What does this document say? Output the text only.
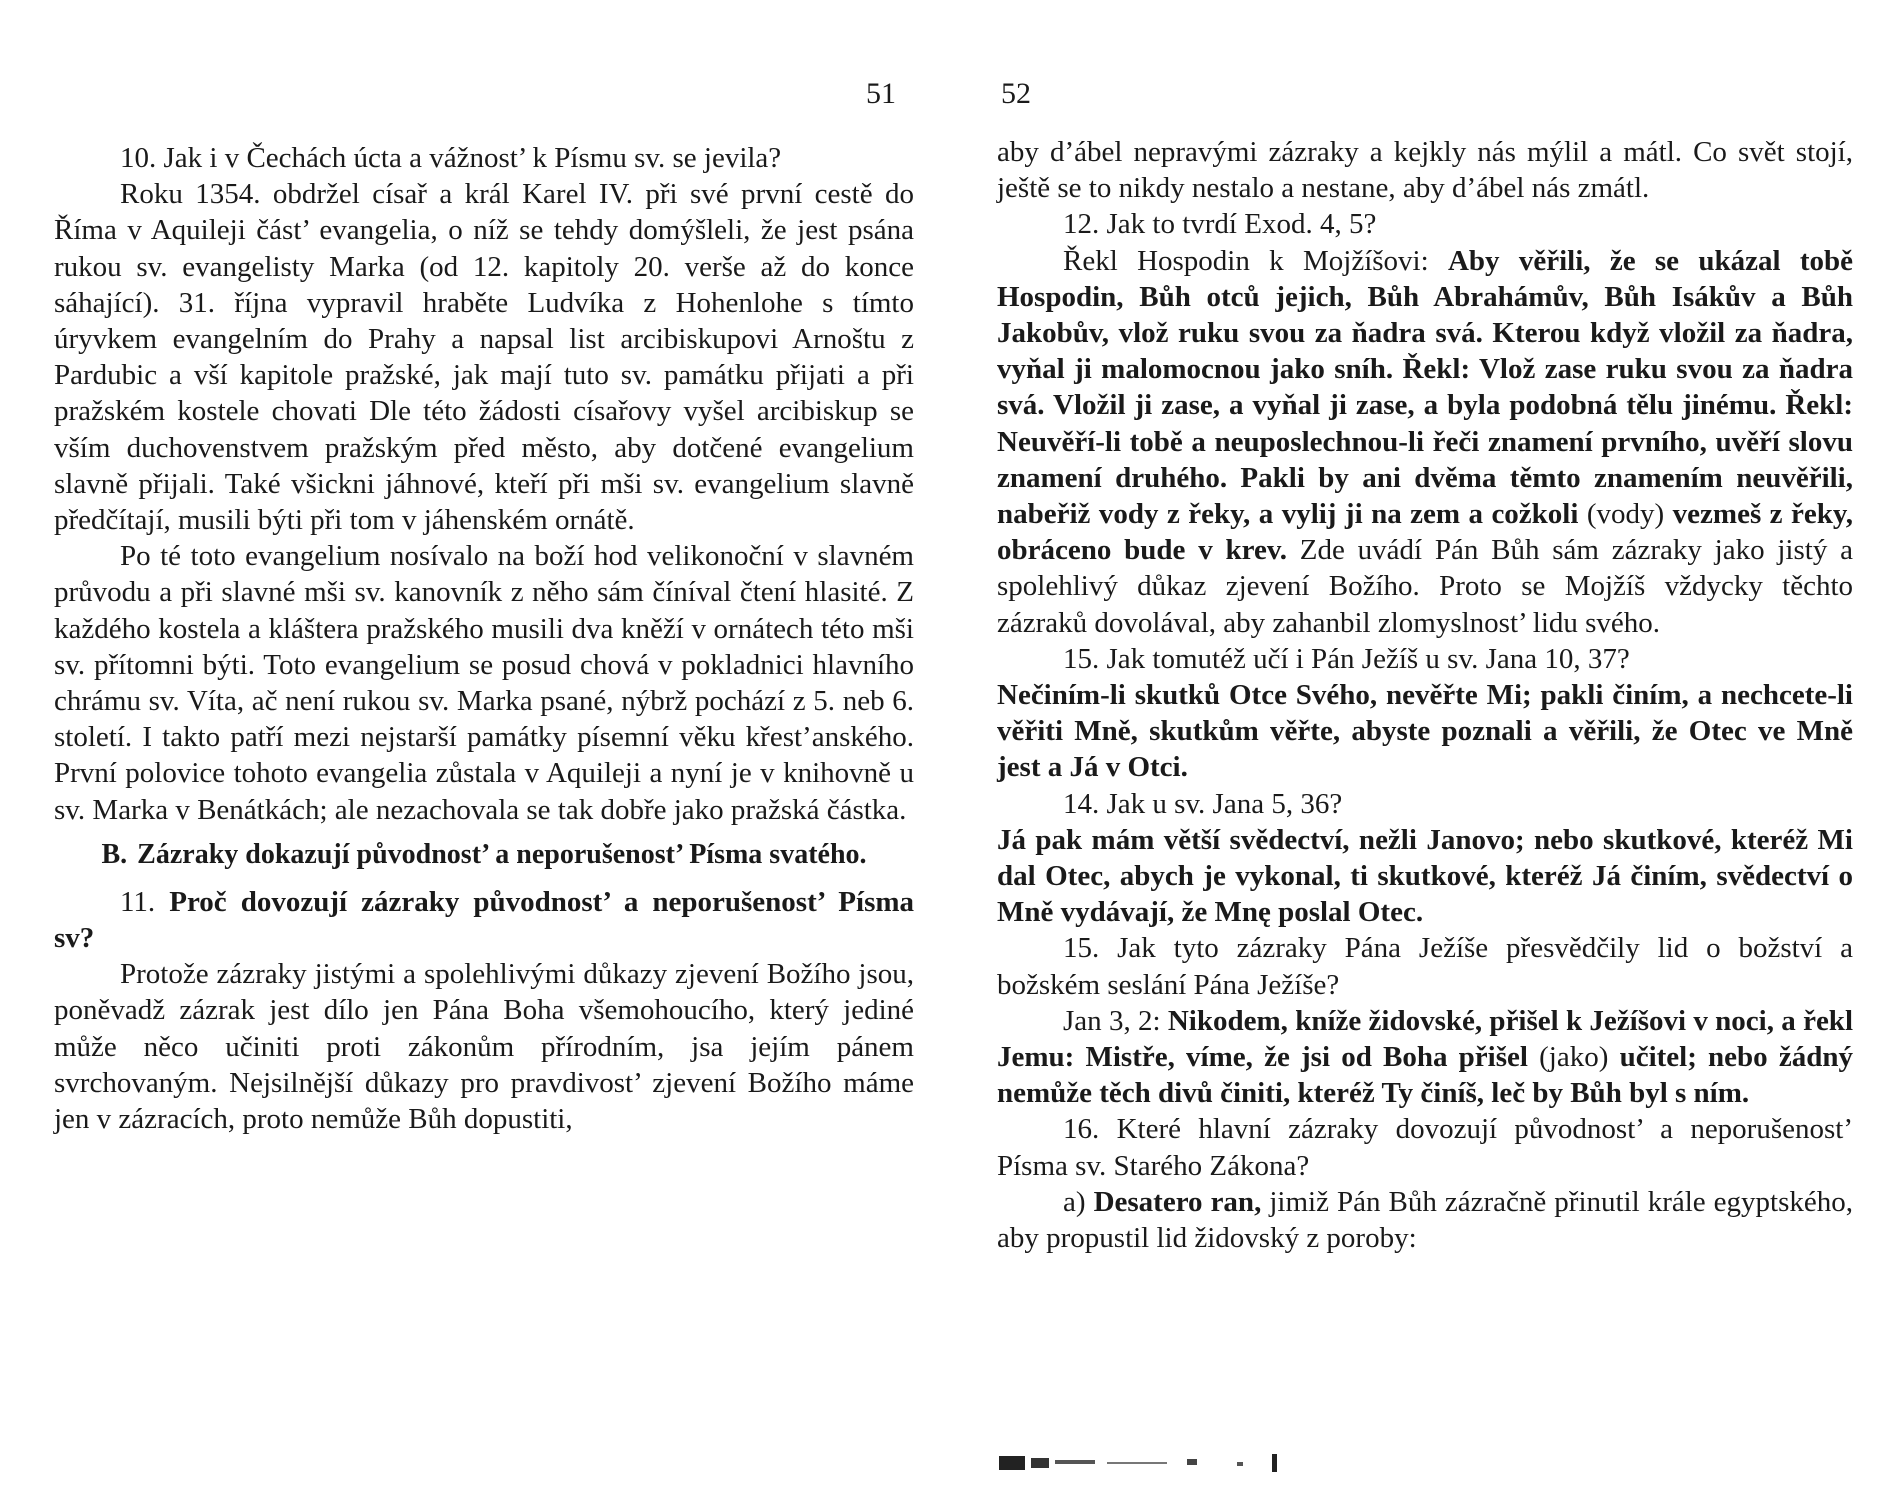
51

10. Jak i v Čechách úcta a vážnost’ k Písmu sv. se jevila?

Roku 1354. obdržel císař a král Karel IV. při své první cestě do Říma v Aquileji část’ evangelia, o níž se tehdy domýšleli, že jest psána rukou sv. evangelisty Marka (od 12. kapitoly 20. verše až do konce sáhající). 31. října vypravil hraběte Ludvíka z Hohenlohe s tímto úryvkem evangelním do Prahy a napsal list arcibiskupovi Arnoštu z Pardubic a vší kapitole pražské, jak mají tuto sv. památku přijati a při pražském kostele chovati Dle této žádosti císařovy vyšel arcibiskup se vším duchovenstvem pražským před město, aby dotčené evangelium slavně přijali. Také všickni jáhnové, kteří při mši sv. evangelium slavně předčítají, musili býti při tom v jáhenském ornátě.

Po té toto evangelium nosívalo na boží hod velikonoční v slavném průvodu a při slavné mši sv. kanovník z něho sám číníval čtení hlasité. Z každého kostela a kláštera pražského musili dva kněží v ornátech této mši sv. přítomni býti. Toto evangelium se posud chová v pokladnici hlavního chrámu sv. Víta, ač není rukou sv. Marka psané, nýbrž pochází z 5. neb 6. století. I takto patří mezi nejstarší památky písemní věku křest’anského. První polovice tohoto evangelia zůstala v Aquileji a nyní je v knihovně u sv. Marka v Benátkách; ale nezachovala se tak dobře jako pražská částka.

B. Zázraky dokazují původnost’ a neporušenost’ Písma svatého.

11. Proč dovozují zázraky původnost’ a neporušenost’ Písma sv?

Protože zázraky jistými a spolehlivými důkazy zjevení Božího jsou, poněvadž zázrak jest dílo jen Pána Boha všemohoucího, který jediné může něco učiniti proti zákonům přírodním, jsa jejím pánem svrchovaným. Nejsilnější důkazy pro pravdivost’ zjevení Božího máme jen v zázracích, proto nemůže Bůh dopustiti,

52

aby d’ábel nepravými zázraky a kejkly nás mýlil a mátl. Co svět stojí, ještě se to nikdy nestalo a nestane, aby d’ábel nás zmátl.

12. Jak to tvrdí Exod. 4, 5?

Řekl Hospodin k Mojžíšovi: Aby věřili, že se ukázal tobě Hospodin, Bůh otců jejich, Bůh Abrahámův, Bůh Isákův a Bůh Jakobův, vlož ruku svou za ňadra svá. Kterou když vložil za ňadra, vyňal ji malomocnou jako sníh. Řekl: Vlož zase ruku svou za ňadra svá. Vložil ji zase, a vyňal ji zase, a byla podobná tělu jinému. Řekl: Neuvěří-li tobě a neuposlechnou-li řeči znamení prvního, uvěří slovu znamení druhého. Pakli by ani dvěma těmto znamením neuvěřili, nabeřiž vody z řeky, a vylij ji na zem a cožkoli (vody) vezmeš z řeky, obráceno bude v krev. Zde uvádí Pán Bůh sám zázraky jako jistý a spolehlivý důkaz zjevení Božího. Proto se Mojžíš vždycky těchto zázraků dovolával, aby zahanbil zlomyslnost’ lidu svého.

15. Jak tomutéž učí i Pán Ježíš u sv. Jana 10, 37?

Nečiním-li skutků Otce Svého, nevěřte Mi; pakli činím, a nechcete-li věřiti Mně, skutkům věřte, abyste poznali a věřili, že Otec ve Mně jest a Já v Otci.

14. Jak u sv. Jana 5, 36?

Já pak mám větší svědectví, nežli Janovo; nebo skutkové, kteréž Mi dal Otec, abych je vykonal, ti skutkové, kteréž Já činím, svědectví o Mně vydávají, že Mnę poslal Otec.

15. Jak tyto zázraky Pána Ježíše přesvědčily lid o božství a božském seslání Pána Ježíše?

Jan 3, 2: Nikodem, kníže židovské, přišel k Ježíšovi v noci, a řekl Jemu: Mistře, víme, že jsi od Boha přišel (jako) učitel; nebo žádný nemůže těch divů činiti, kteréž Ty činíš, leč by Bůh byl s ním.

16. Které hlavní zázraky dovozují původnost’ a neporušenost’ Písma sv. Starého Zákona?

a) Desatero ran, jimiž Pán Bůh zázračně přinutil krále egyptského, aby propustil lid židovský z poroby:
